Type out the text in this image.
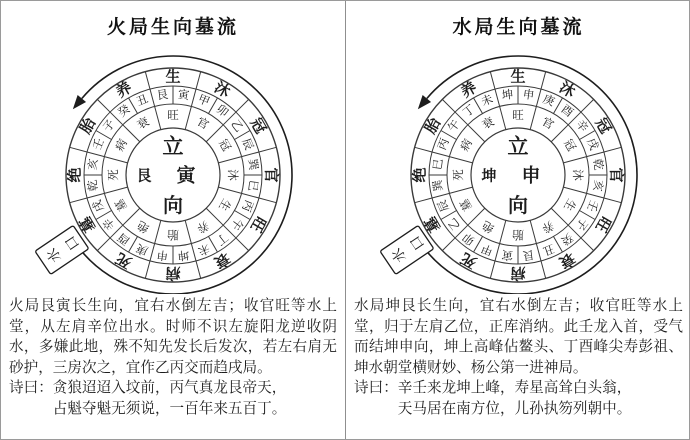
火局生向墓流
生
沐
冠
官
旺
衰
病
死
墓
绝
胎
养	寅 甲
卯
乙
辰
巽
巳
丙
午
丁
未
坤
申
庚
酉
辛
戌
乾
亥
壬
子
癸
丑 艮
旺 官
冠
沐
生
养
胎
绝
墓
死
病
衰
立
艮 寅
向
水
口

火局艮寅长生向，宜右水倒左吉；收官旺等水上堂，从左肩辛位出水。时师不识左旋阳龙逆收阴水，多嫌此地，殊不知先发长后发次，若左右肩无砂护，三房次之，宜作乙丙交而趋戌局。

诗曰：贪狼迢迢入坟前，丙气真龙艮帝天，
占魁夺魁无须说，一百年来五百丁。

水局生向墓流
生
沐
冠
官
旺
衰
病
死
墓
绝
胎
养	申 庚
酉
辛
戌
乾
亥
壬
子
癸
丑
艮
寅
甲
卯
乙
辰
巽
巳
丙
午
丁
未 坤
旺 官
冠
沐
生
养
胎
绝
墓
死
病
衰
立
坤 申
向
水
口

水局坤艮长生向，宜右水倒左吉；收官旺等水上堂，归于左肩乙位，正库消纳。此壬龙入首，受气而结坤申向，坤上高峰佔鳌头、丁酉峰尖寿彭祖、坤水朝堂横财妙、杨公第一进神局。

诗曰：辛壬来龙坤上峰，寿星高耸白头翁，
天马居在南方位，儿孙执笏列朝中。
